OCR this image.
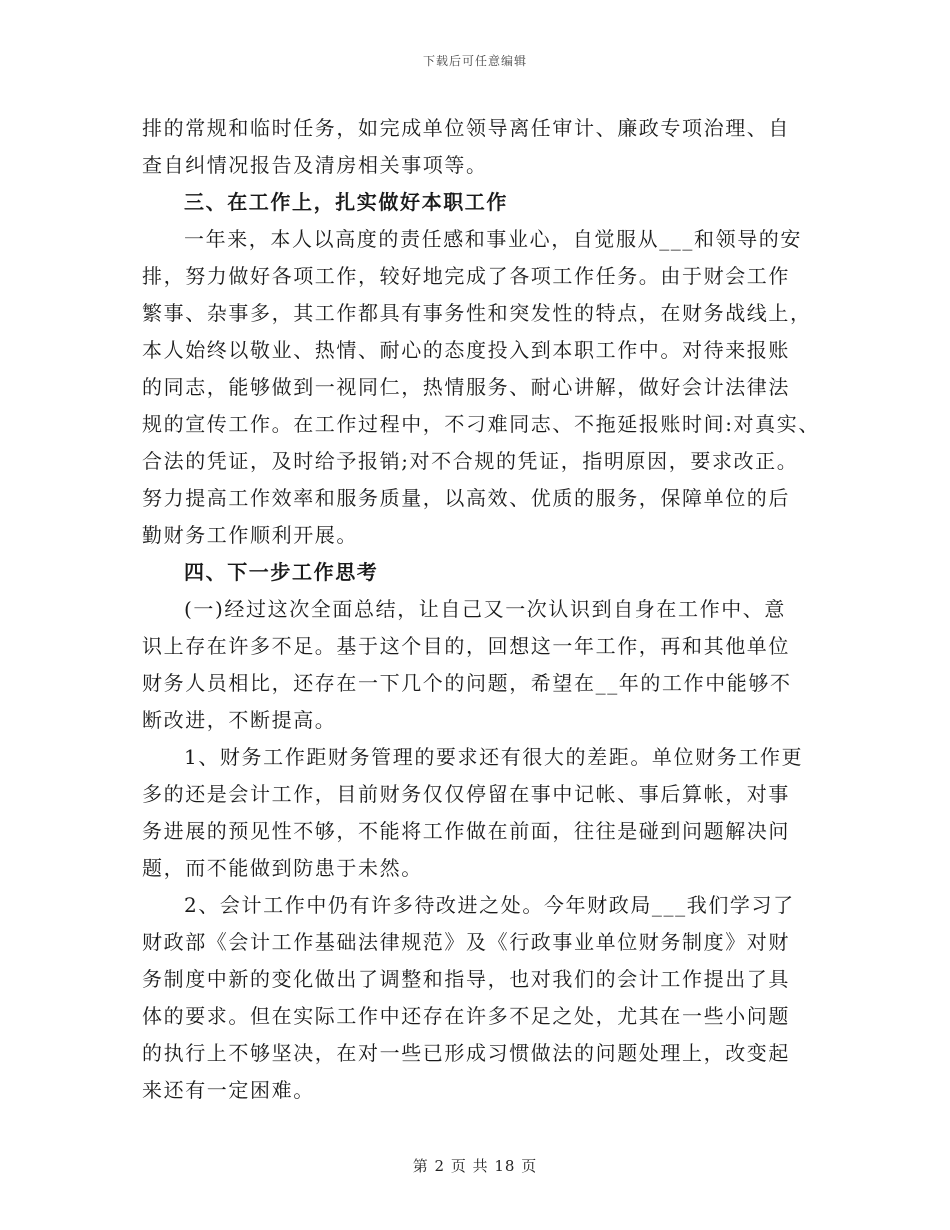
下载后可任意编辑
排的常规和临时任务，如完成单位领导离任审计、廉政专项治理、自
查自纠情况报告及清房相关事项等。
三、在工作上，扎实做好本职工作
一年来，本人以高度的责任感和事业心，自觉服从___和领导的安
排，努力做好各项工作，较好地完成了各项工作任务。由于财会工作
繁事、杂事多，其工作都具有事务性和突发性的特点，在财务战线上，
本人始终以敬业、热情、耐心的态度投入到本职工作中。对待来报账
的同志，能够做到一视同仁，热情服务、耐心讲解，做好会计法律法
规的宣传工作。在工作过程中，不刁难同志、不拖延报账时间:对真实、
合法的凭证，及时给予报销;对不合规的凭证，指明原因，要求改正。
努力提高工作效率和服务质量，以高效、优质的服务，保障单位的后
勤财务工作顺利开展。
四、下一步工作思考
(一)经过这次全面总结，让自己又一次认识到自身在工作中、意
识上存在许多不足。基于这个目的，回想这一年工作，再和其他单位
财务人员相比，还存在一下几个的问题，希望在__年的工作中能够不
断改进，不断提高。
1、财务工作距财务管理的要求还有很大的差距。单位财务工作更
多的还是会计工作，目前财务仅仅停留在事中记帐、事后算帐，对事
务进展的预见性不够，不能将工作做在前面，往往是碰到问题解决问
题，而不能做到防患于未然。
2、会计工作中仍有许多待改进之处。今年财政局___我们学习了
财政部《会计工作基础法律规范》及《行政事业单位财务制度》对财
务制度中新的变化做出了调整和指导，也对我们的会计工作提出了具
体的要求。但在实际工作中还存在许多不足之处，尤其在一些小问题
的执行上不够坚决，在对一些已形成习惯做法的问题处理上，改变起
来还有一定困难。
第 2 页 共 18 页
